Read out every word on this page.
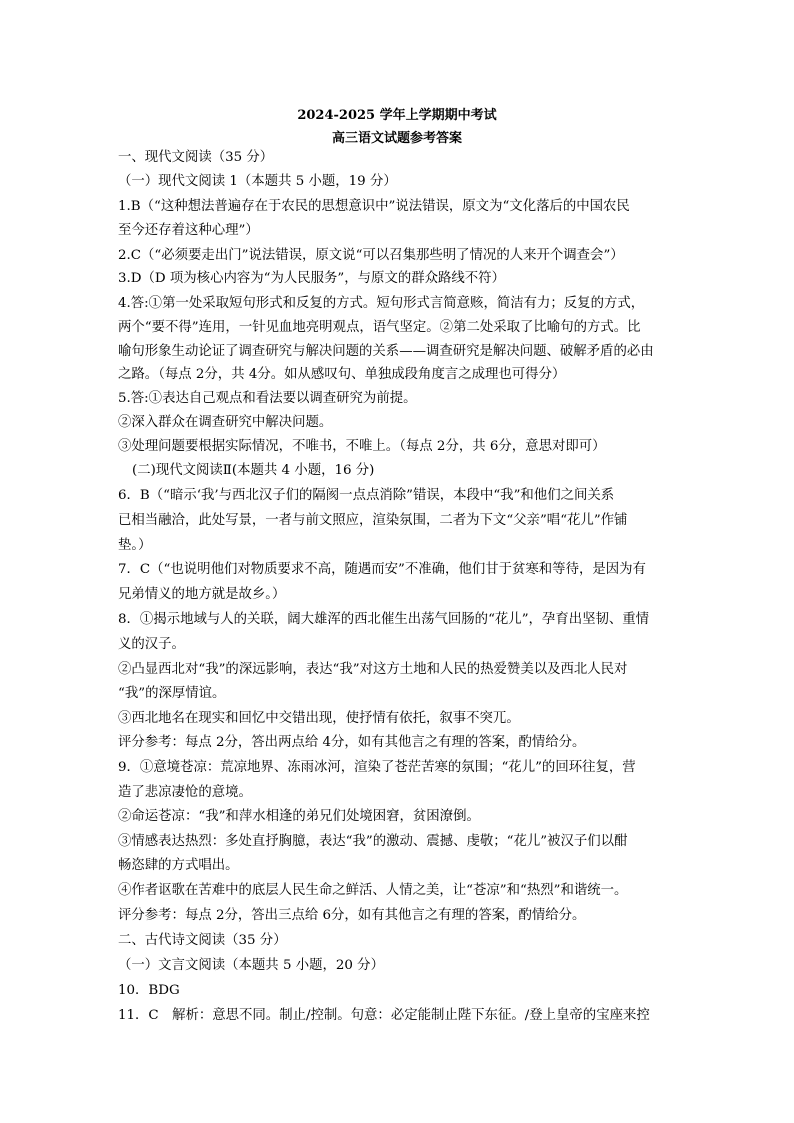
2024-2025 学年上学期期中考试
高三语文试题参考答案
一、现代文阅读（35 分）
（一）现代文阅读 1（本题共 5 小题，19 分）
1.B（“这种想法普遍存在于农民的思想意识中”说法错误，原文为“文化落后的中国农民
至今还存着这种心理”）
2.C（“必须要走出门”说法错误，原文说“可以召集那些明了情况的人来开个调查会”）
3.D（D 项为核心内容为“为人民服务”，与原文的群众路线不符）
4.答:①第一处采取短句形式和反复的方式。短句形式言简意赅，简洁有力；反复的方式，
两个“要不得”连用，一针见血地亮明观点，语气坚定。②第二处采取了比喻句的方式。比
喻句形象生动论证了调查研究与解决问题的关系——调查研究是解决问题、破解矛盾的必由
之路。（每点 2分，共 4分。如从感叹句、单独成段角度言之成理也可得分）
5.答:①表达自己观点和看法要以调查研究为前提。
②深入群众在调查研究中解决问题。
③处理问题要根据实际情况，不唯书，不唯上。（每点 2分，共 6分，意思对即可）
(二)现代文阅读Ⅱ(本题共 4 小题，16 分)
6．B（“暗示‘我’与西北汉子们的隔阂一点点消除”错误，本段中“我”和他们之间关系
已相当融洽，此处写景，一者与前文照应，渲染氛围，二者为下文“父亲”唱“花儿”作铺
垫。）
7．C（“也说明他们对物质要求不高，随遇而安”不准确，他们甘于贫寒和等待，是因为有
兄弟情义的地方就是故乡。）
8．①揭示地域与人的关联，阔大雄浑的西北催生出荡气回肠的“花儿”，孕育出坚韧、重情
义的汉子。
②凸显西北对“我”的深远影响，表达“我”对这方土地和人民的热爱赞美以及西北人民对
“我”的深厚情谊。
③西北地名在现实和回忆中交错出现，使抒情有依托，叙事不突兀。
评分参考：每点 2分，答出两点给 4分，如有其他言之有理的答案，酌情给分。
9．①意境苍凉：荒凉地界、冻雨冰河，渲染了苍茫苦寒的氛围；“花儿”的回环往复，营
造了悲凉凄怆的意境。
②命运苍凉：“我”和萍水相逢的弟兄们处境困窘，贫困潦倒。
③情感表达热烈：多处直抒胸臆，表达“我”的激动、震撼、虔敬；“花儿”被汉子们以酣
畅恣肆的方式唱出。
④作者讴歌在苦难中的底层人民生命之鲜活、人情之美，让“苍凉”和“热烈”和谐统一。
评分参考：每点 2分，答出三点给 6分，如有其他言之有理的答案，酌情给分。
二、古代诗文阅读（35 分）
（一）文言文阅读（本题共 5 小题，20 分）
10．BDG
11．C　解析：意思不同。制止/控制。句意：必定能制止陛下东征。/登上皇帝的宝座来控
